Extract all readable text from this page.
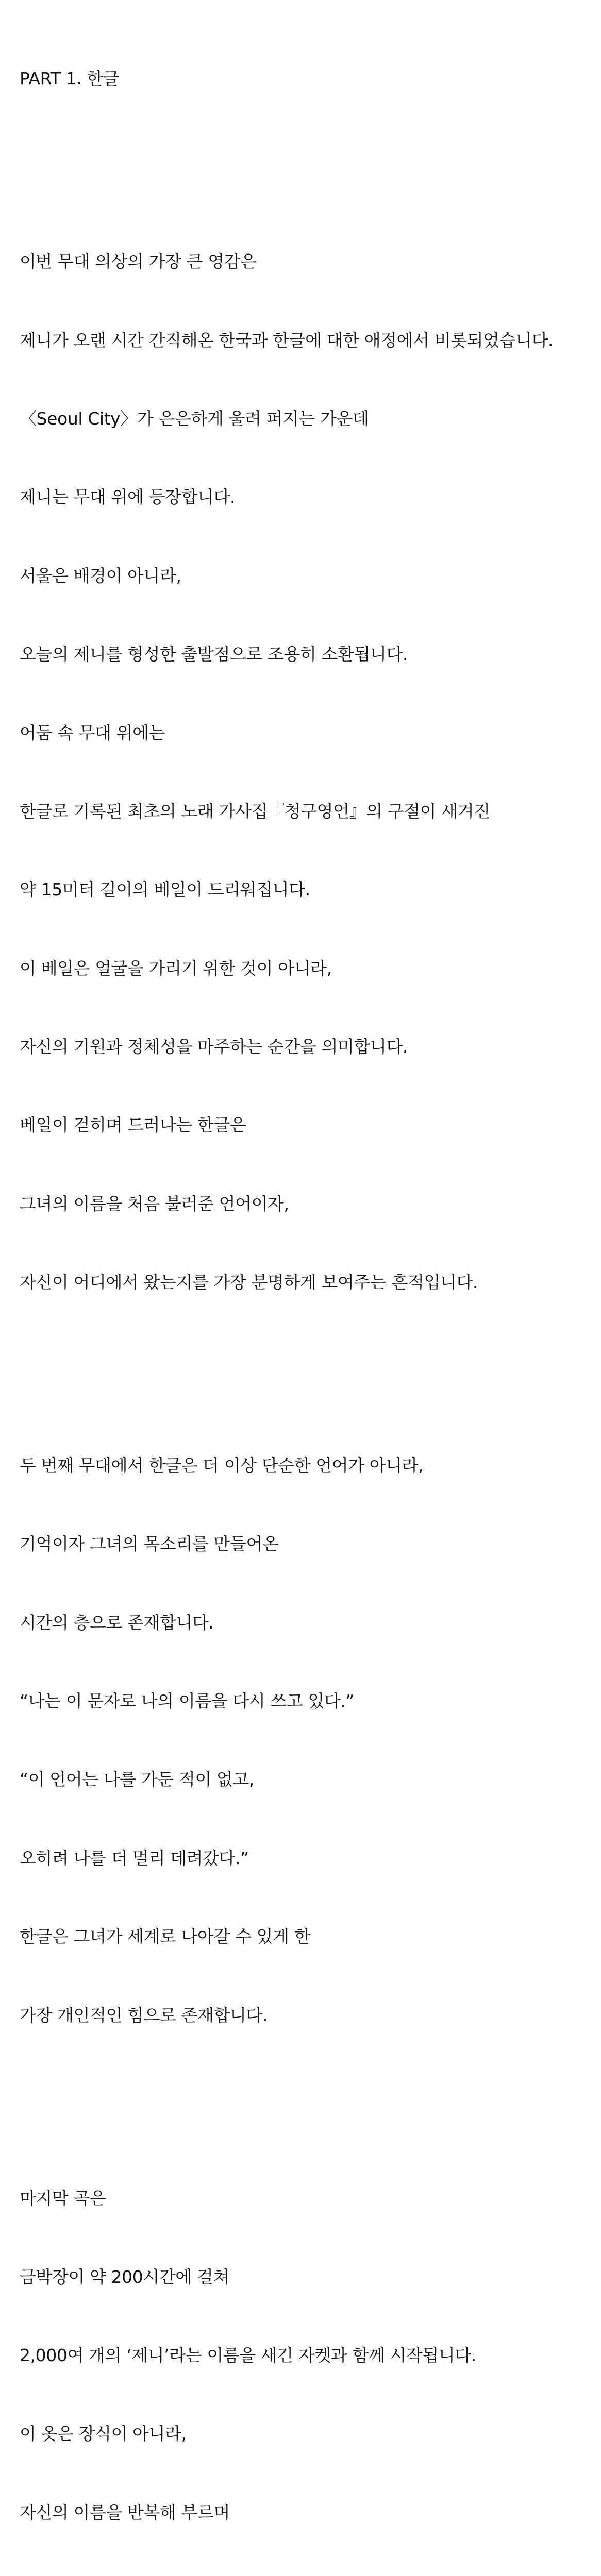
PART 1. 한글

이번 무대 의상의 가장 큰 영감은

제니가 오랜 시간 간직해온 한국과 한글에 대한 애정에서 비롯되었습니다.

〈Seoul City〉가 은은하게 울려 퍼지는 가운데

제니는 무대 위에 등장합니다.

서울은 배경이 아니라,

오늘의 제니를 형성한 출발점으로 조용히 소환됩니다.

어둠 속 무대 위에는

한글로 기록된 최초의 노래 가사집『청구영언』의 구절이 새겨진

약 15미터 길이의 베일이 드리워집니다.

이 베일은 얼굴을 가리기 위한 것이 아니라,

자신의 기원과 정체성을 마주하는 순간을 의미합니다.

베일이 걷히며 드러나는 한글은

그녀의 이름을 처음 불러준 언어이자,

자신이 어디에서 왔는지를 가장 분명하게 보여주는 흔적입니다.

두 번째 무대에서 한글은 더 이상 단순한 언어가 아니라,

기억이자 그녀의 목소리를 만들어온

시간의 층으로 존재합니다.

“나는 이 문자로 나의 이름을 다시 쓰고 있다.”

“이 언어는 나를 가둔 적이 없고,

오히려 나를 더 멀리 데려갔다.”

한글은 그녀가 세계로 나아갈 수 있게 한

가장 개인적인 힘으로 존재합니다.

마지막 곡은

금박장이 약 200시간에 걸쳐

2,000여 개의 ‘제니’라는 이름을 새긴 자켓과 함께 시작됩니다.

이 옷은 장식이 아니라,

자신의 이름을 반복해 부르며
